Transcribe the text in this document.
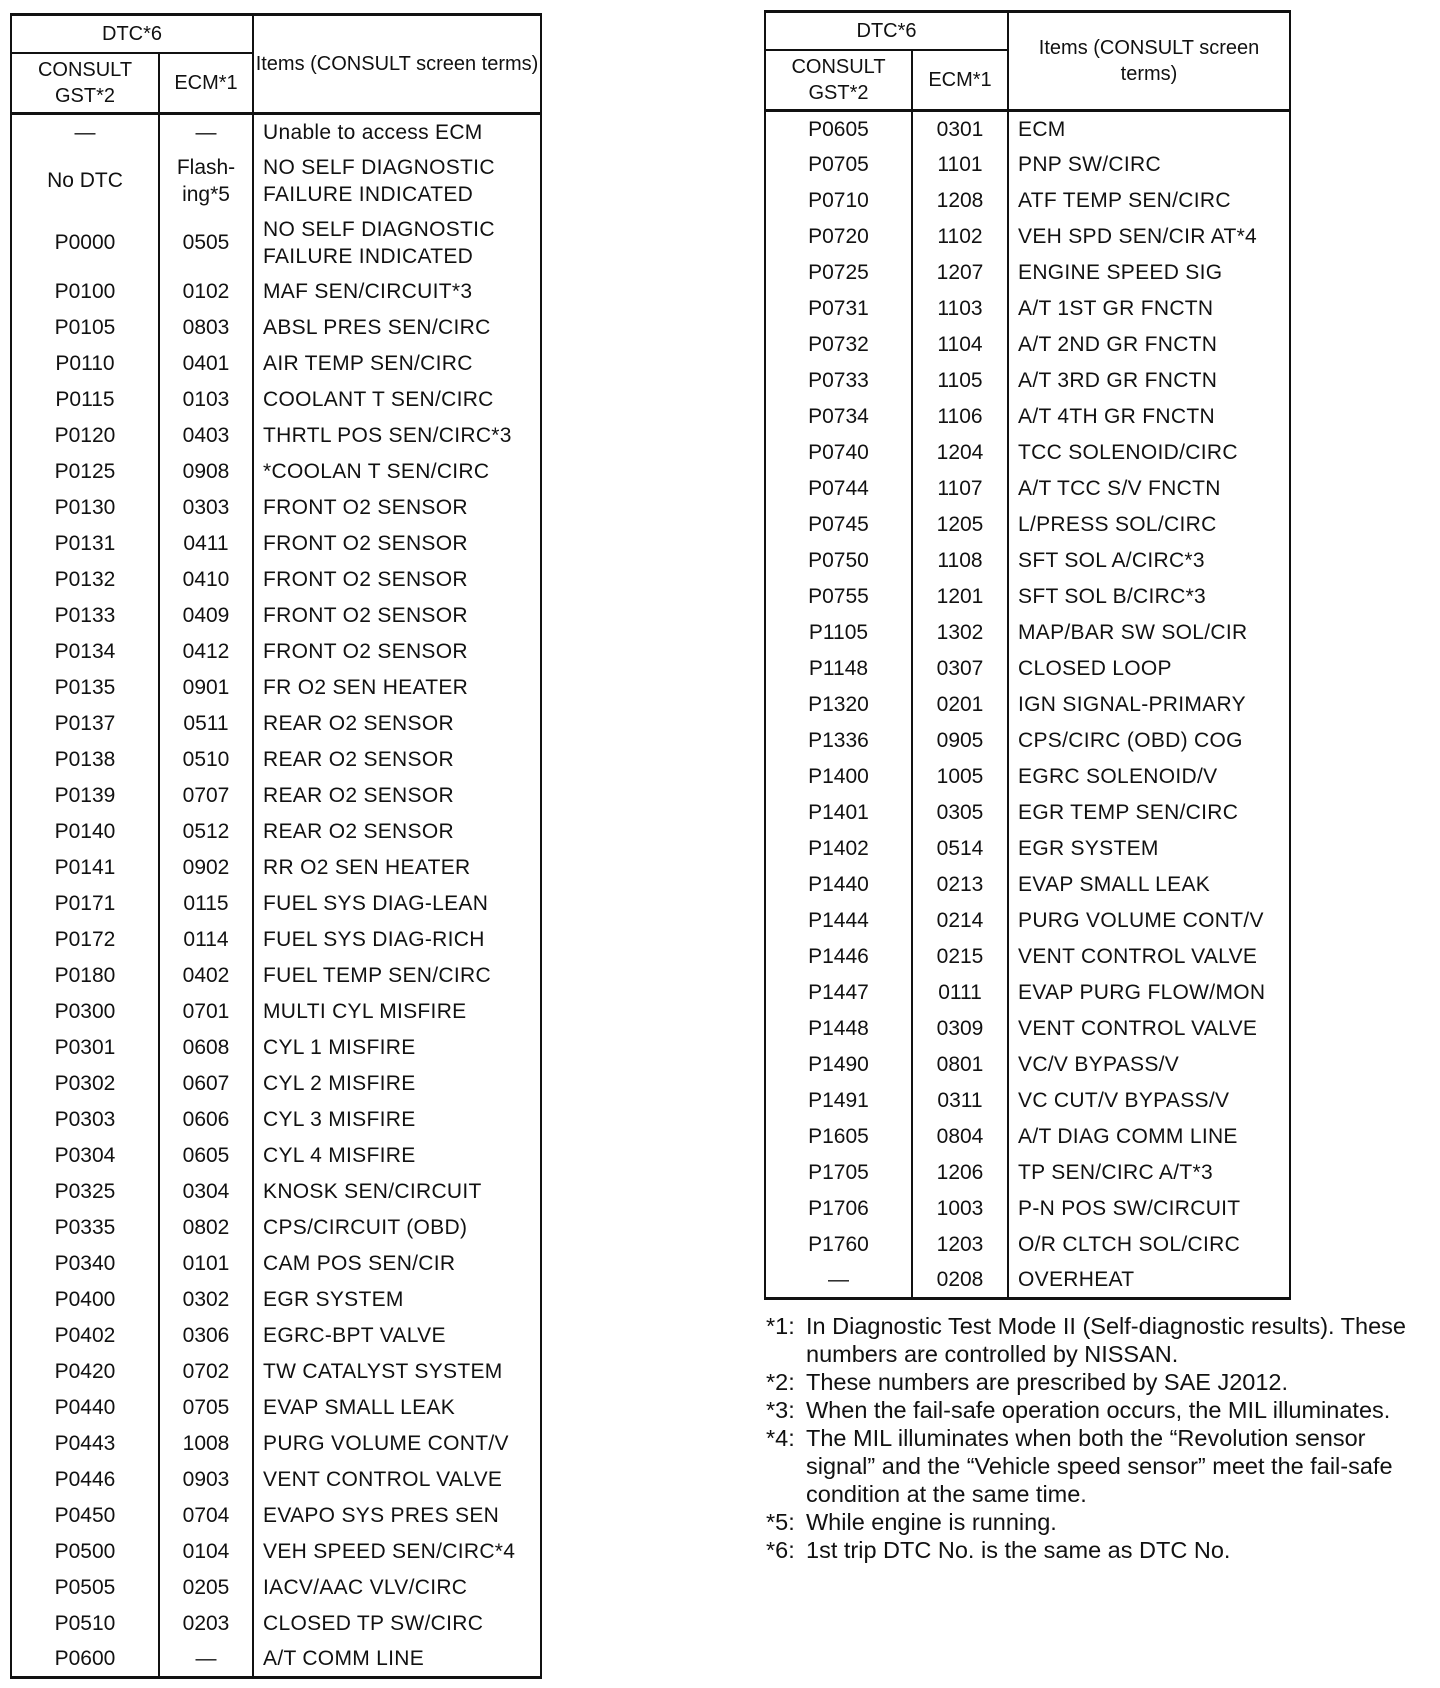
DTC*6		Items (CONSULT screen terms)
CONSULT GST*2	ECM*1	
—	—	Unable to access ECM
No DTC	Flash- ing*5	NO SELF DIAGNOSTIC FAILURE INDICATED
P0000	0505	NO SELF DIAGNOSTIC FAILURE INDICATED
P0100	0102	MAF SEN/CIRCUIT*3
P0105	0803	ABSL PRES SEN/CIRC
P0110	0401	AIR TEMP SEN/CIRC
P0115	0103	COOLANT T SEN/CIRC
P0120	0403	THRTL POS SEN/CIRC*3
P0125	0908	*COOLAN T SEN/CIRC
P0130	0303	FRONT O2 SENSOR
P0131	0411	FRONT O2 SENSOR
P0132	0410	FRONT O2 SENSOR
P0133	0409	FRONT O2 SENSOR
P0134	0412	FRONT O2 SENSOR
P0135	0901	FR O2 SEN HEATER
P0137	0511	REAR O2 SENSOR
P0138	0510	REAR O2 SENSOR
P0139	0707	REAR O2 SENSOR
P0140	0512	REAR O2 SENSOR
P0141	0902	RR O2 SEN HEATER
P0171	0115	FUEL SYS DIAG-LEAN
P0172	0114	FUEL SYS DIAG-RICH
P0180	0402	FUEL TEMP SEN/CIRC
P0300	0701	MULTI CYL MISFIRE
P0301	0608	CYL 1 MISFIRE
P0302	0607	CYL 2 MISFIRE
P0303	0606	CYL 3 MISFIRE
P0304	0605	CYL 4 MISFIRE
P0325	0304	KNOSK SEN/CIRCUIT
P0335	0802	CPS/CIRCUIT (OBD)
P0340	0101	CAM POS SEN/CIR
P0400	0302	EGR SYSTEM
P0402	0306	EGRC-BPT VALVE
P0420	0702	TW CATALYST SYSTEM
P0440	0705	EVAP SMALL LEAK
P0443	1008	PURG VOLUME CONT/V
P0446	0903	VENT CONTROL VALVE
P0450	0704	EVAPO SYS PRES SEN
P0500	0104	VEH SPEED SEN/CIRC*4
P0505	0205	IACV/AAC VLV/CIRC
P0510	0203	CLOSED TP SW/CIRC
P0600	—	A/T COMM LINE
DTC*6		Items (CONSULT screen terms)
CONSULT GST*2	ECM*1	
P0605	0301	ECM
P0705	1101	PNP SW/CIRC
P0710	1208	ATF TEMP SEN/CIRC
P0720	1102	VEH SPD SEN/CIR AT*4
P0725	1207	ENGINE SPEED SIG
P0731	1103	A/T 1ST GR FNCTN
P0732	1104	A/T 2ND GR FNCTN
P0733	1105	A/T 3RD GR FNCTN
P0734	1106	A/T 4TH GR FNCTN
P0740	1204	TCC SOLENOID/CIRC
P0744	1107	A/T TCC S/V FNCTN
P0745	1205	L/PRESS SOL/CIRC
P0750	1108	SFT SOL A/CIRC*3
P0755	1201	SFT SOL B/CIRC*3
P1105	1302	MAP/BAR SW SOL/CIR
P1148	0307	CLOSED LOOP
P1320	0201	IGN SIGNAL-PRIMARY
P1336	0905	CPS/CIRC (OBD) COG
P1400	1005	EGRC SOLENOID/V
P1401	0305	EGR TEMP SEN/CIRC
P1402	0514	EGR SYSTEM
P1440	0213	EVAP SMALL LEAK
P1444	0214	PURG VOLUME CONT/V
P1446	0215	VENT CONTROL VALVE
P1447	0111	EVAP PURG FLOW/MON
P1448	0309	VENT CONTROL VALVE
P1490	0801	VC/V BYPASS/V
P1491	0311	VC CUT/V BYPASS/V
P1605	0804	A/T DIAG COMM LINE
P1705	1206	TP SEN/CIRC A/T*3
P1706	1003	P-N POS SW/CIRCUIT
P1760	1203	O/R CLTCH SOL/CIRC
—	0208	OVERHEAT
*1: In Diagnostic Test Mode II (Self-diagnostic results). These numbers are controlled by NISSAN.
*2: These numbers are prescribed by SAE J2012.
*3: When the fail-safe operation occurs, the MIL illuminates.
*4: The MIL illuminates when both the “Revolution sensor signal” and the “Vehicle speed sensor” meet the fail-safe condition at the same time.
*5: While engine is running.
*6: 1st trip DTC No. is the same as DTC No.
